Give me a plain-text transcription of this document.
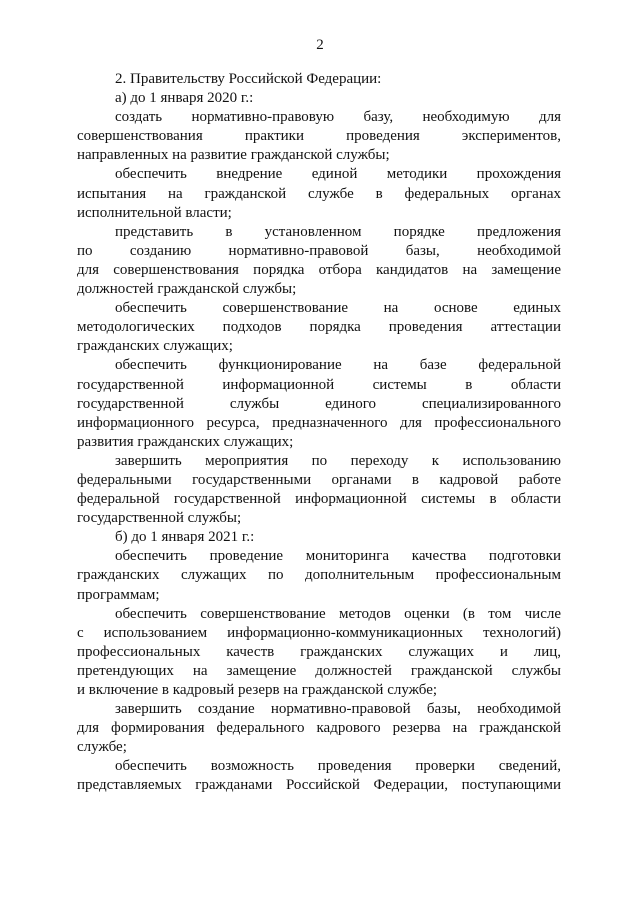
2
2. Правительству Российской Федерации:
а) до 1 января 2020 г.:
создать нормативно-правовую базу, необходимую для
совершенствования практики проведения экспериментов,
направленных на развитие гражданской службы;
обеспечить внедрение единой методики прохождения
испытания на гражданской службе в федеральных органах
исполнительной власти;
представить в установленном порядке предложения
по созданию нормативно-правовой базы, необходимой
для совершенствования порядка отбора кандидатов на замещение
должностей гражданской службы;
обеспечить совершенствование на основе единых
методологических подходов порядка проведения аттестации
гражданских служащих;
обеспечить функционирование на базе федеральной
государственной информационной системы в области
государственной службы единого специализированного
информационного ресурса, предназначенного для профессионального
развития гражданских служащих;
завершить мероприятия по переходу к использованию
федеральными государственными органами в кадровой работе
федеральной государственной информационной системы в области
государственной службы;
б) до 1 января 2021 г.:
обеспечить проведение мониторинга качества подготовки
гражданских служащих по дополнительным профессиональным
программам;
обеспечить совершенствование методов оценки (в том числе
с использованием информационно-коммуникационных технологий)
профессиональных качеств гражданских служащих и лиц,
претендующих на замещение должностей гражданской службы
и включение в кадровый резерв на гражданской службе;
завершить создание нормативно-правовой базы, необходимой
для формирования федерального кадрового резерва на гражданской
службе;
обеспечить возможность проведения проверки сведений,
представляемых гражданами Российской Федерации, поступающими
